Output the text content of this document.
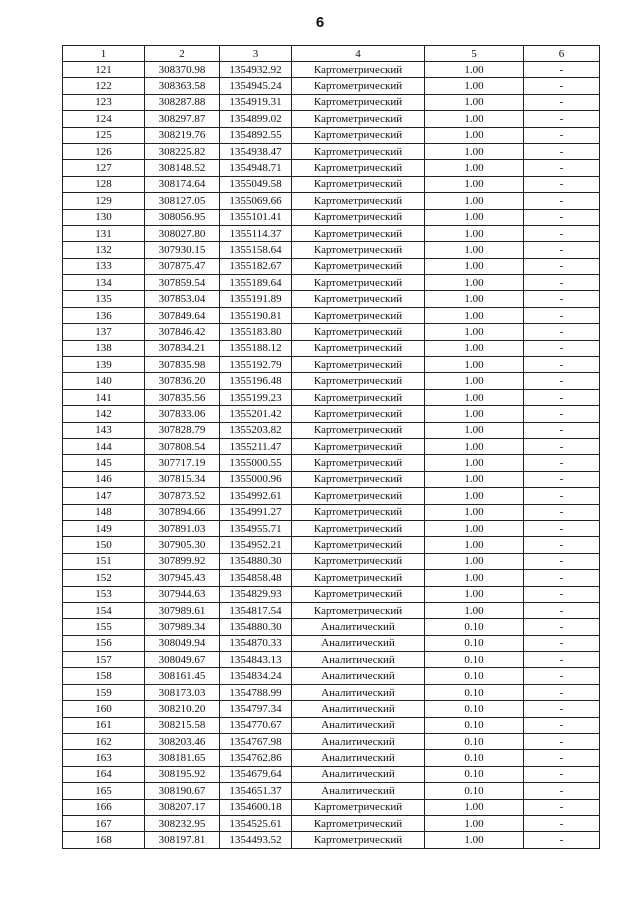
6
1	2	3	4	5	6
121	308370.98	1354932.92	Картометрический	1.00	-
122	308363.58	1354945.24	Картометрический	1.00	-
123	308287.88	1354919.31	Картометрический	1.00	-
124	308297.87	1354899.02	Картометрический	1.00	-
125	308219.76	1354892.55	Картометрический	1.00	-
126	308225.82	1354938.47	Картометрический	1.00	-
127	308148.52	1354948.71	Картометрический	1.00	-
128	308174.64	1355049.58	Картометрический	1.00	-
129	308127.05	1355069.66	Картометрический	1.00	-
130	308056.95	1355101.41	Картометрический	1.00	-
131	308027.80	1355114.37	Картометрический	1.00	-
132	307930.15	1355158.64	Картометрический	1.00	-
133	307875.47	1355182.67	Картометрический	1.00	-
134	307859.54	1355189.64	Картометрический	1.00	-
135	307853.04	1355191.89	Картометрический	1.00	-
136	307849.64	1355190.81	Картометрический	1.00	-
137	307846.42	1355183.80	Картометрический	1.00	-
138	307834.21	1355188.12	Картометрический	1.00	-
139	307835.98	1355192.79	Картометрический	1.00	-
140	307836.20	1355196.48	Картометрический	1.00	-
141	307835.56	1355199.23	Картометрический	1.00	-
142	307833.06	1355201.42	Картометрический	1.00	-
143	307828.79	1355203.82	Картометрический	1.00	-
144	307808.54	1355211.47	Картометрический	1.00	-
145	307717.19	1355000.55	Картометрический	1.00	-
146	307815.34	1355000.96	Картометрический	1.00	-
147	307873.52	1354992.61	Картометрический	1.00	-
148	307894.66	1354991.27	Картометрический	1.00	-
149	307891.03	1354955.71	Картометрический	1.00	-
150	307905.30	1354952.21	Картометрический	1.00	-
151	307899.92	1354880.30	Картометрический	1.00	-
152	307945.43	1354858.48	Картометрический	1.00	-
153	307944.63	1354829.93	Картометрический	1.00	-
154	307989.61	1354817.54	Картометрический	1.00	-
155	307989.34	1354880.30	Аналитический	0.10	-
156	308049.94	1354870.33	Аналитический	0.10	-
157	308049.67	1354843.13	Аналитический	0.10	-
158	308161.45	1354834.24	Аналитический	0.10	-
159	308173.03	1354788.99	Аналитический	0.10	-
160	308210.20	1354797.34	Аналитический	0.10	-
161	308215.58	1354770.67	Аналитический	0.10	-
162	308203.46	1354767.98	Аналитический	0.10	-
163	308181.65	1354762.86	Аналитический	0.10	-
164	308195.92	1354679.64	Аналитический	0.10	-
165	308190.67	1354651.37	Аналитический	0.10	-
166	308207.17	1354600.18	Картометрический	1.00	-
167	308232.95	1354525.61	Картометрический	1.00	-
168	308197.81	1354493.52	Картометрический	1.00	-
